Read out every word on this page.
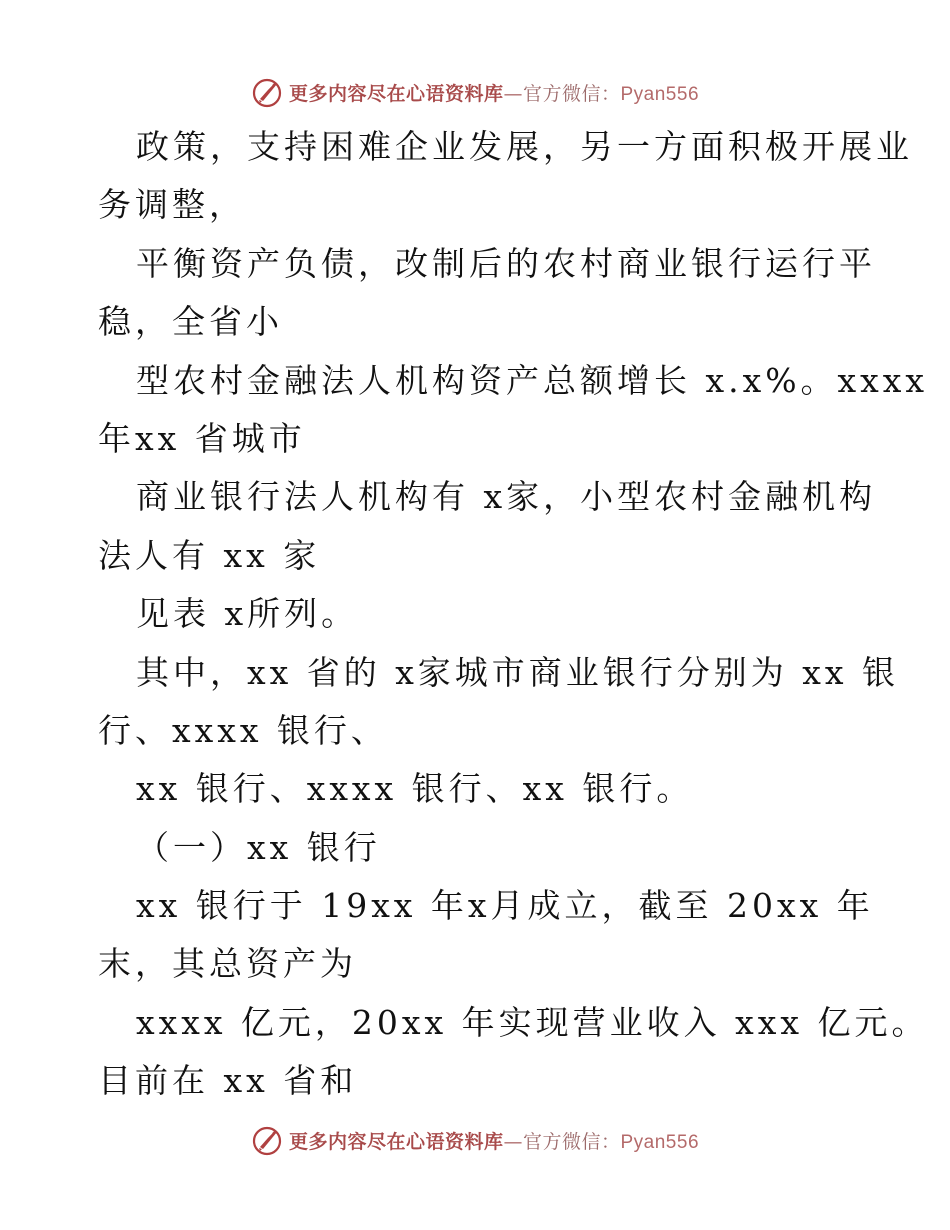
更多内容尽在心语资料库—官方微信：Pyan556
政策，支持困难企业发展，另一方面积极开展业
务调整，
平衡资产负债，改制后的农村商业银行运行平
稳，全省小
型农村金融法人机构资产总额增长 x.x%。xxxx
年xx 省城市
商业银行法人机构有 x家，小型农村金融机构
法人有 xx 家
见表 x所列。
其中，xx 省的 x家城市商业银行分别为 xx 银
行、xxxx 银行、
xx 银行、xxxx 银行、xx 银行。
（一）xx 银行
xx 银行于 19xx 年x月成立，截至 20xx 年
末，其总资产为
xxxx 亿元，20xx 年实现营业收入 xxx 亿元。
目前在 xx 省和
更多内容尽在心语资料库—官方微信：Pyan556
